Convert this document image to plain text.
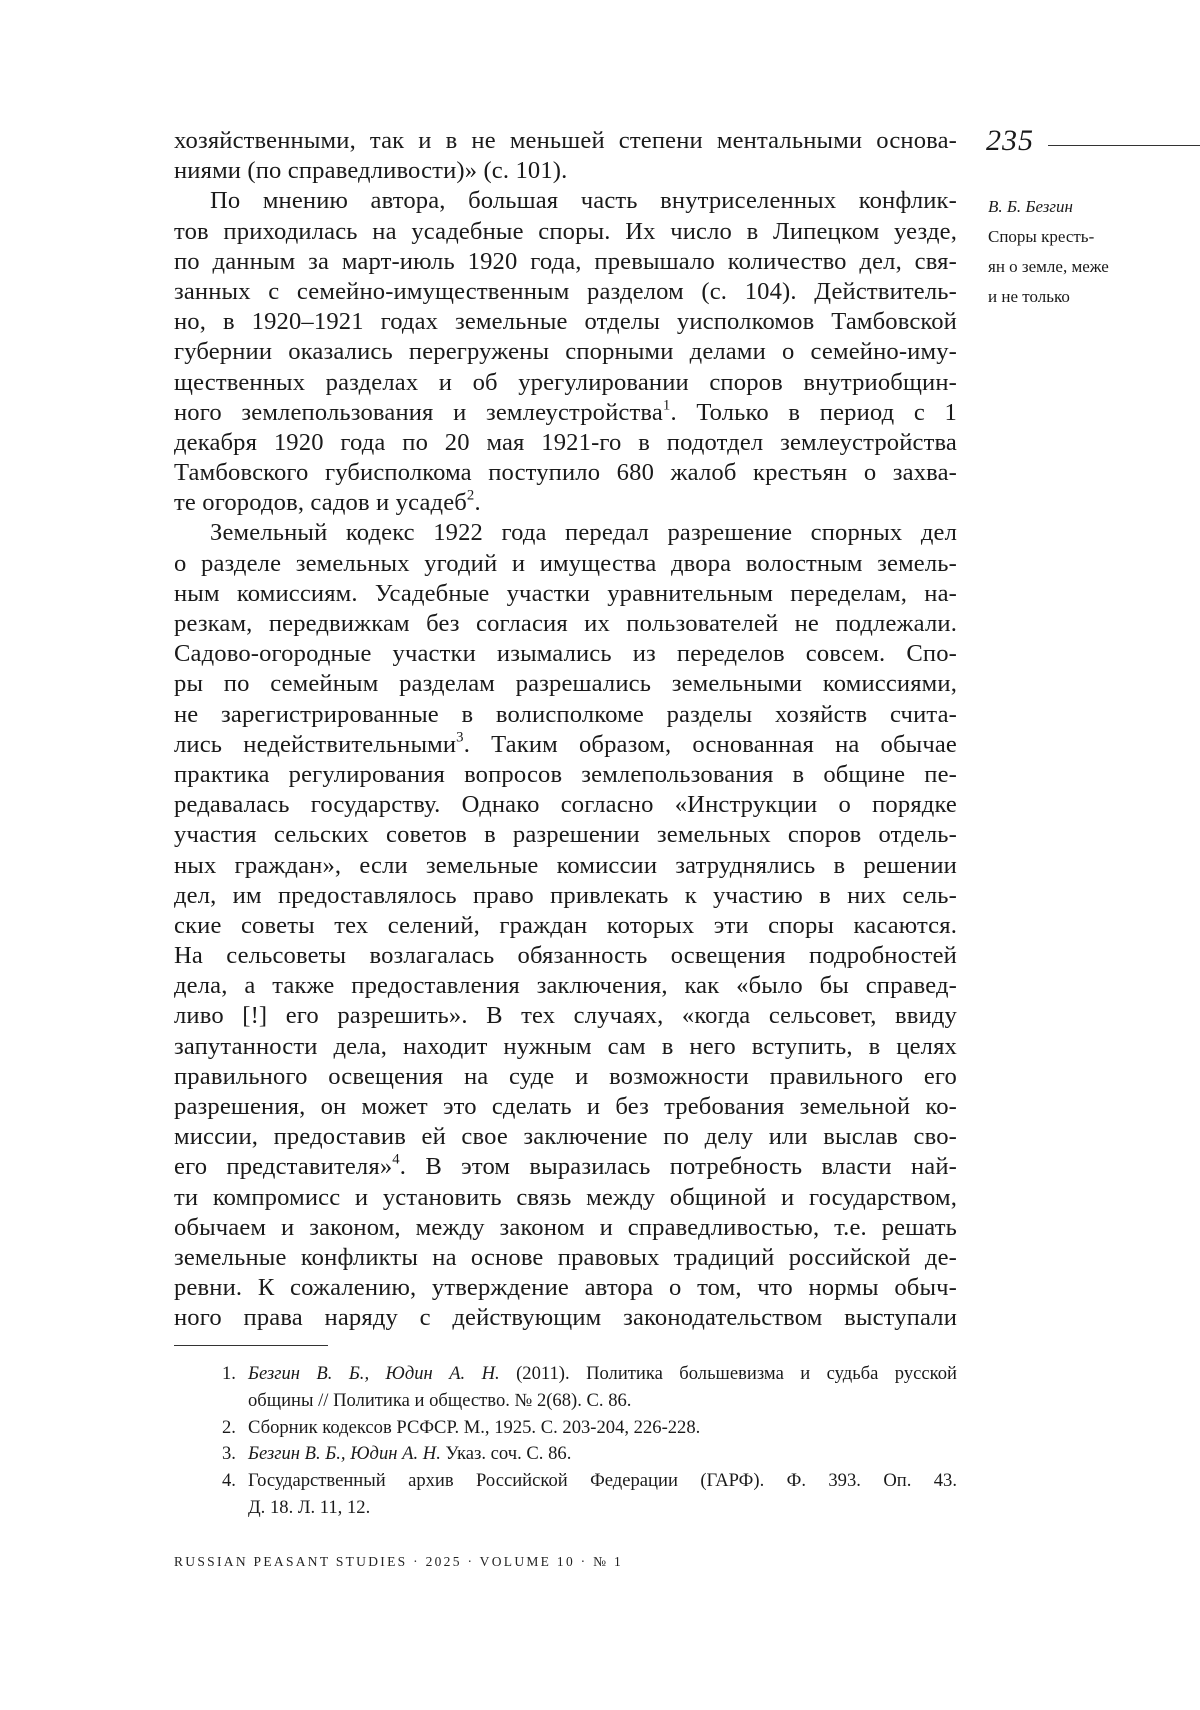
235
В. Б. Безгин
Споры кресть-
ян о земле, меже
и не только
хозяйственными, так и в не меньшей степени ментальными основа-
ниями (по справедливости)» (с. 101).
По мнению автора, большая часть внутриселенных конфлик-
тов приходилась на усадебные споры. Их число в Липецком уезде,
по данным за март-июль 1920 года, превышало количество дел, свя-
занных с семейно-имущественным разделом (с. 104). Действитель-
но, в 1920–1921 годах земельные отделы уисполкомов Тамбовской
губернии оказались перегружены спорными делами о семейно-иму-
щественных разделах и об урегулировании споров внутриобщин-
ного землепользования и землеустройства$^1$. Только в период с 1
декабря 1920 года по 20 мая 1921-го в подотдел землеустройства
Тамбовского губисполкома поступило 680 жалоб крестьян о захва-
те огородов, садов и усадеб$^2$.
Земельный кодекс 1922 года передал разрешение спорных дел
о разделе земельных угодий и имущества двора волостным земель-
ным комиссиям. Усадебные участки уравнительным переделам, на-
резкам, передвижкам без согласия их пользователей не подлежали.
Садово-огородные участки изымались из переделов совсем. Спо-
ры по семейным разделам разрешались земельными комиссиями,
не зарегистрированные в волисполкоме разделы хозяйств счита-
лись недействительными$^3$. Таким образом, основанная на обычае
практика регулирования вопросов землепользования в общине пе-
редавалась государству. Однако согласно «Инструкции о порядке
участия сельских советов в разрешении земельных споров отдель-
ных граждан», если земельные комиссии затруднялись в решении
дел, им предоставлялось право привлекать к участию в них сель-
ские советы тех селений, граждан которых эти споры касаются.
На сельсоветы возлагалась обязанность освещения подробностей
дела, а также предоставления заключения, как «было бы справед-
ливо [!] его разрешить». В тех случаях, «когда сельсовет, ввиду
запутанности дела, находит нужным сам в него вступить, в целях
правильного освещения на суде и возможности правильного его
разрешения, он может это сделать и без требования земельной ко-
миссии, предоставив ей свое заключение по делу или выслав сво-
его представителя»$^4$. В этом выразилась потребность власти най-
ти компромисс и установить связь между общиной и государством,
обычаем и законом, между законом и справедливостью, т.е. решать
земельные конфликты на основе правовых традиций российской де-
ревни. К сожалению, утверждение автора о том, что нормы обыч-
ного права наряду с действующим законодательством выступали
1. Безгин В. Б., Юдин А. Н. (2011). Политика большевизма и судьба русской
общины // Политика и общество. № 2(68). С. 86.
2. Сборник кодексов РСФСР. М., 1925. С. 203-204, 226-228.
3. Безгин В. Б., Юдин А. Н. Указ. соч. С. 86.
4. Государственный архив Российской Федерации (ГАРФ). Ф. 393. Оп. 43.
Д. 18. Л. 11, 12.
RUSSIAN PEASANT STUDIES · 2025 · VOLUME 10 · № 1
